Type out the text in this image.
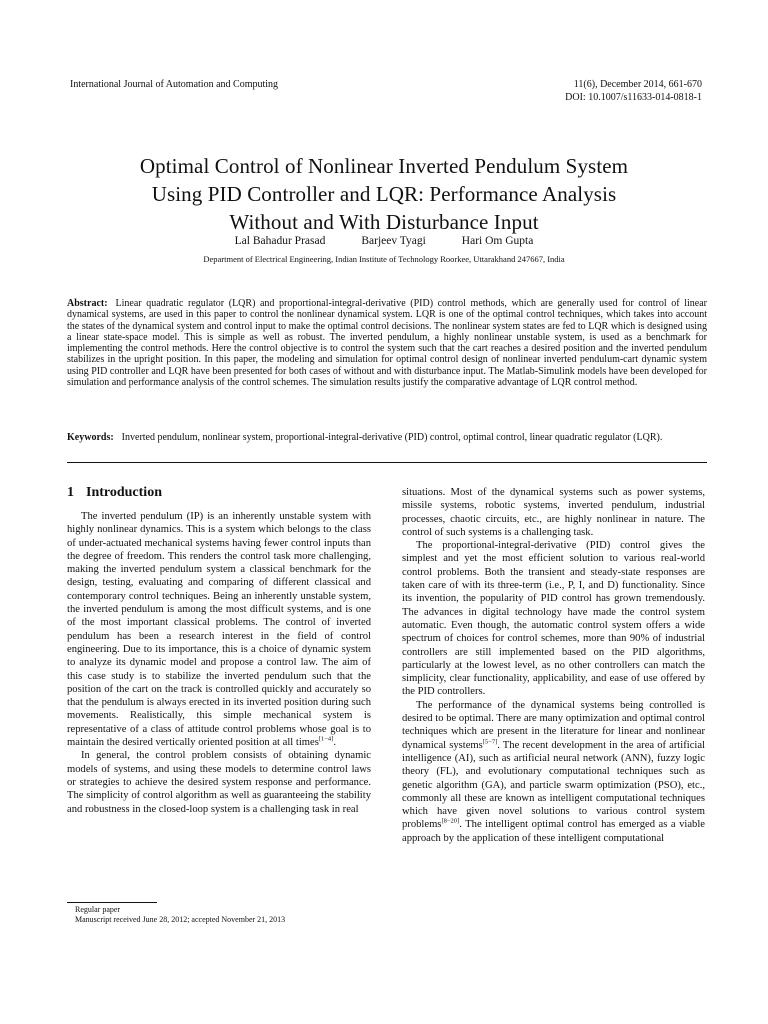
International Journal of Automation and Computing	11(6), December 2014, 661-670
DOI: 10.1007/s11633-014-0818-1
Optimal Control of Nonlinear Inverted Pendulum System
Using PID Controller and LQR: Performance Analysis
Without and With Disturbance Input
Lal Bahadur Prasad	Barjeev Tyagi	Hari Om Gupta
Department of Electrical Engineering, Indian Institute of Technology Roorkee, Uttarakhand 247667, India
Abstract: Linear quadratic regulator (LQR) and proportional-integral-derivative (PID) control methods, which are generally used for control of linear dynamical systems, are used in this paper to control the nonlinear dynamical system. LQR is one of the optimal control techniques, which takes into account the states of the dynamical system and control input to make the optimal control decisions. The nonlinear system states are fed to LQR which is designed using a linear state-space model. This is simple as well as robust. The inverted pendulum, a highly nonlinear unstable system, is used as a benchmark for implementing the control methods. Here the control objective is to control the system such that the cart reaches a desired position and the inverted pendulum stabilizes in the upright position. In this paper, the modeling and simulation for optimal control design of nonlinear inverted pendulum-cart dynamic system using PID controller and LQR have been presented for both cases of without and with disturbance input. The Matlab-Simulink models have been developed for simulation and performance analysis of the control schemes. The simulation results justify the comparative advantage of LQR control method.
Keywords: Inverted pendulum, nonlinear system, proportional-integral-derivative (PID) control, optimal control, linear quadratic regulator (LQR).
1 Introduction

The inverted pendulum (IP) is an inherently unstable system with highly nonlinear dynamics. This is a system which belongs to the class of under-actuated mechanical systems having fewer control inputs than the degree of freedom. This renders the control task more challenging, making the inverted pendulum system a classical benchmark for the design, testing, evaluating and comparing of different classical and contemporary control techniques. Being an inherently unstable system, the inverted pendulum is among the most difficult systems, and is one of the most important classical problems. The control of inverted pendulum has been a research interest in the field of control engineering. Due to its importance, this is a choice of dynamic system to analyze its dynamic model and propose a control law. The aim of this case study is to stabilize the inverted pendulum such that the position of the cart on the track is controlled quickly and accurately so that the pendulum is always erected in its inverted position during such movements. Realistically, this simple mechanical system is representative of a class of attitude control problems whose goal is to maintain the desired vertically oriented position at all times[1−4].

In general, the control problem consists of obtaining dynamic models of systems, and using these models to determine control laws or strategies to achieve the desired system response and performance. The simplicity of control algorithm as well as guaranteeing the stability and robustness in the closed-loop system is a challenging task in real

situations. Most of the dynamical systems such as power systems, missile systems, robotic systems, inverted pendulum, industrial processes, chaotic circuits, etc., are highly nonlinear in nature. The control of such systems is a challenging task.

The proportional-integral-derivative (PID) control gives the simplest and yet the most efficient solution to various real-world control problems. Both the transient and steady-state responses are taken care of with its three-term (i.e., P, I, and D) functionality. Since its invention, the popularity of PID control has grown tremendously. The advances in digital technology have made the control system automatic. Even though, the automatic control system offers a wide spectrum of choices for control schemes, more than 90% of industrial controllers are still implemented based on the PID algorithms, particularly at the lowest level, as no other controllers can match the simplicity, clear functionality, applicability, and ease of use offered by the PID controllers.

The performance of the dynamical systems being controlled is desired to be optimal. There are many optimization and optimal control techniques which are present in the literature for linear and nonlinear dynamical systems[5−7]. The recent development in the area of artificial intelligence (AI), such as artificial neural network (ANN), fuzzy logic theory (FL), and evolutionary computational techniques such as genetic algorithm (GA), and particle swarm optimization (PSO), etc., commonly all these are known as intelligent computational techniques which have given novel solutions to various control system problems[8−20]. The intelligent optimal control has emerged as a viable approach by the application of these intelligent computational

Regular paper
Manuscript received June 28, 2012; accepted November 21, 2013
